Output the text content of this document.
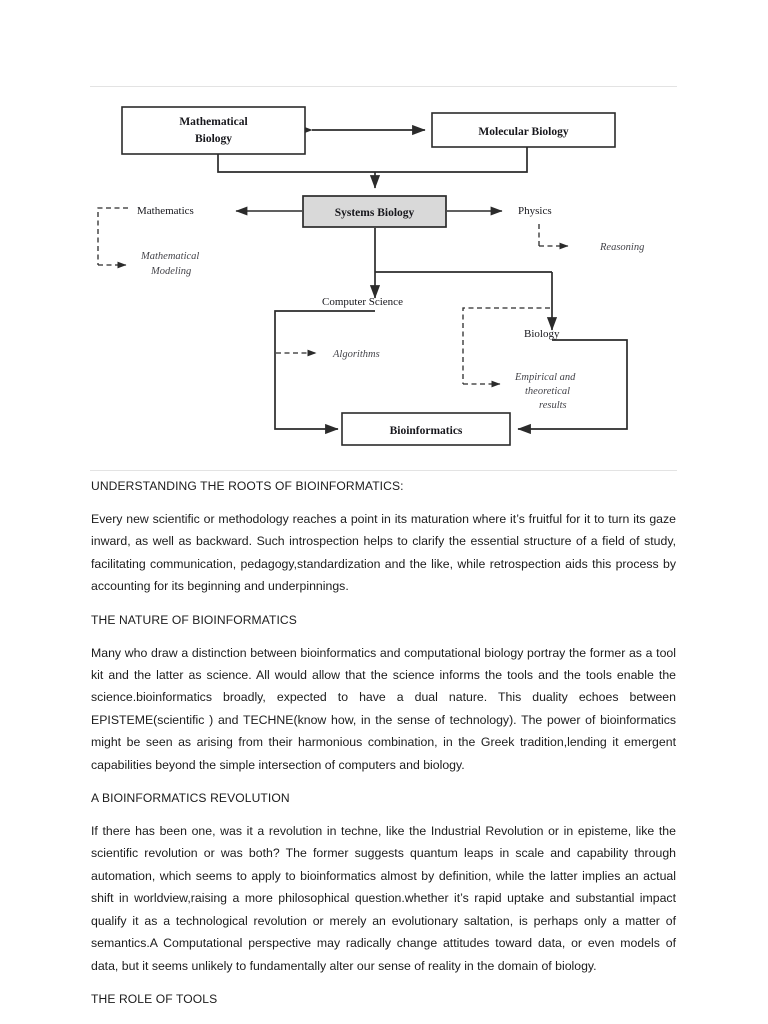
Mathematical
Biology
Molecular Biology
Systems Biology
Bioinformatics
Mathematics	Physics
Computer Science
Biology
Mathematical
Modeling
Reasoning
Algorithms
Empirical and
theoretical
results

UNDERSTANDING THE ROOTS OF BIOINFORMATICS:

Every new scientific or methodology reaches a point in its maturation where it’s fruitful for it to turn its gaze inward, as well as backward. Such introspection helps to clarify the essential structure of a field of study, facilitating communication, pedagogy,standardization and the like, while retrospection aids this process by accounting for its beginning and underpinnings.

THE NATURE OF BIOINFORMATICS

Many who draw a distinction between bioinformatics and computational biology portray the former as a tool kit and the latter as science. All would allow that the science informs the tools and the tools enable the science.bioinformatics broadly, expected to have a dual nature. This duality echoes between EPISTEME(scientific ) and TECHNE(know how, in the sense of technology). The power of bioinformatics might be seen as arising from their harmonious combination, in the Greek tradition,lending it emergent capabilities beyond the simple intersection of computers and biology.

A BIOINFORMATICS REVOLUTION

If there has been one, was it a revolution in techne, like the Industrial Revolution or in episteme, like the scientific revolution or was both? The former suggests quantum leaps in scale and capability through automation, which seems to apply to bioinformatics almost by definition, while the latter implies an actual shift in worldview,raising a more philosophical question.whether it’s rapid uptake and substantial impact qualify it as a technological revolution or merely an evolutionary saltation, is perhaps only a matter of semantics.A Computational perspective may radically change attitudes toward data, or even models of data, but it seems unlikely to fundamentally alter our sense of reality in the domain of biology.

THE ROLE OF TOOLS
